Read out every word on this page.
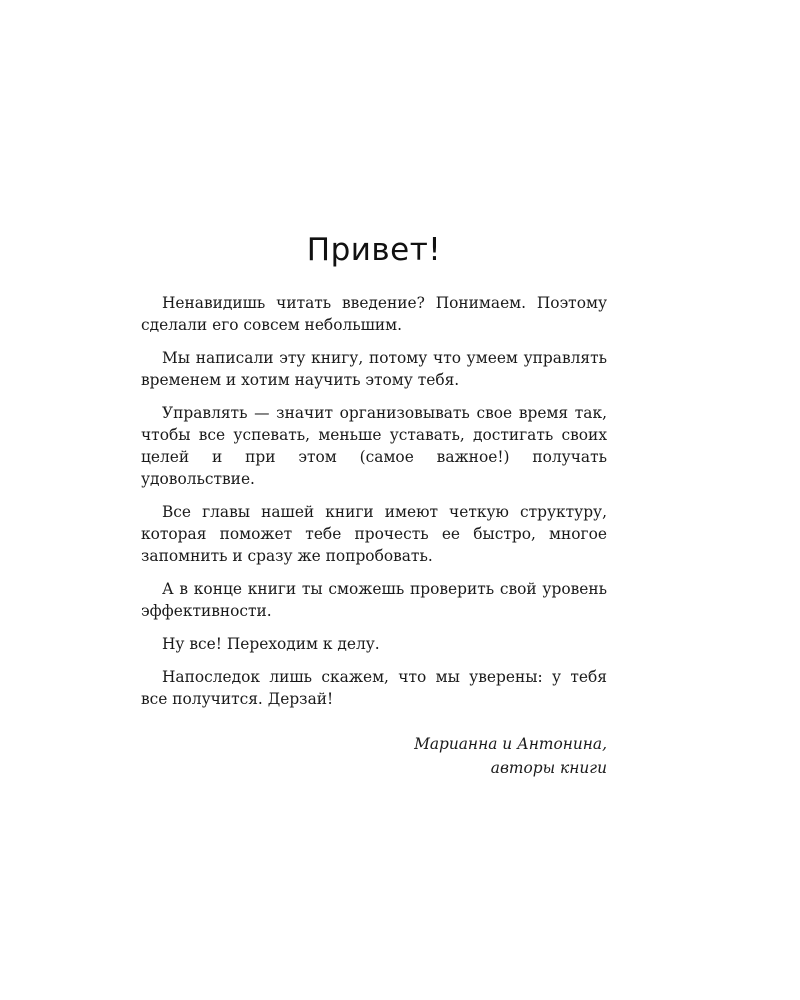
Привет!

Ненавидишь читать введение? Понимаем. Поэтому сделали его совсем небольшим.

Мы написали эту книгу, потому что умеем управлять временем и хотим научить этому тебя.

Управлять — значит организовывать свое время так, чтобы все успевать, меньше уставать, достигать своих целей и при этом (самое важное!) получать удовольствие.

Все главы нашей книги имеют четкую структуру, которая поможет тебе прочесть ее быстро, многое запомнить и сразу же попробовать.

А в конце книги ты сможешь проверить свой уровень эффективности.

Ну все! Переходим к делу.

Напоследок лишь скажем, что мы уверены: у тебя все получится. Дерзай!

Марианна и Антонина,
авторы книги
